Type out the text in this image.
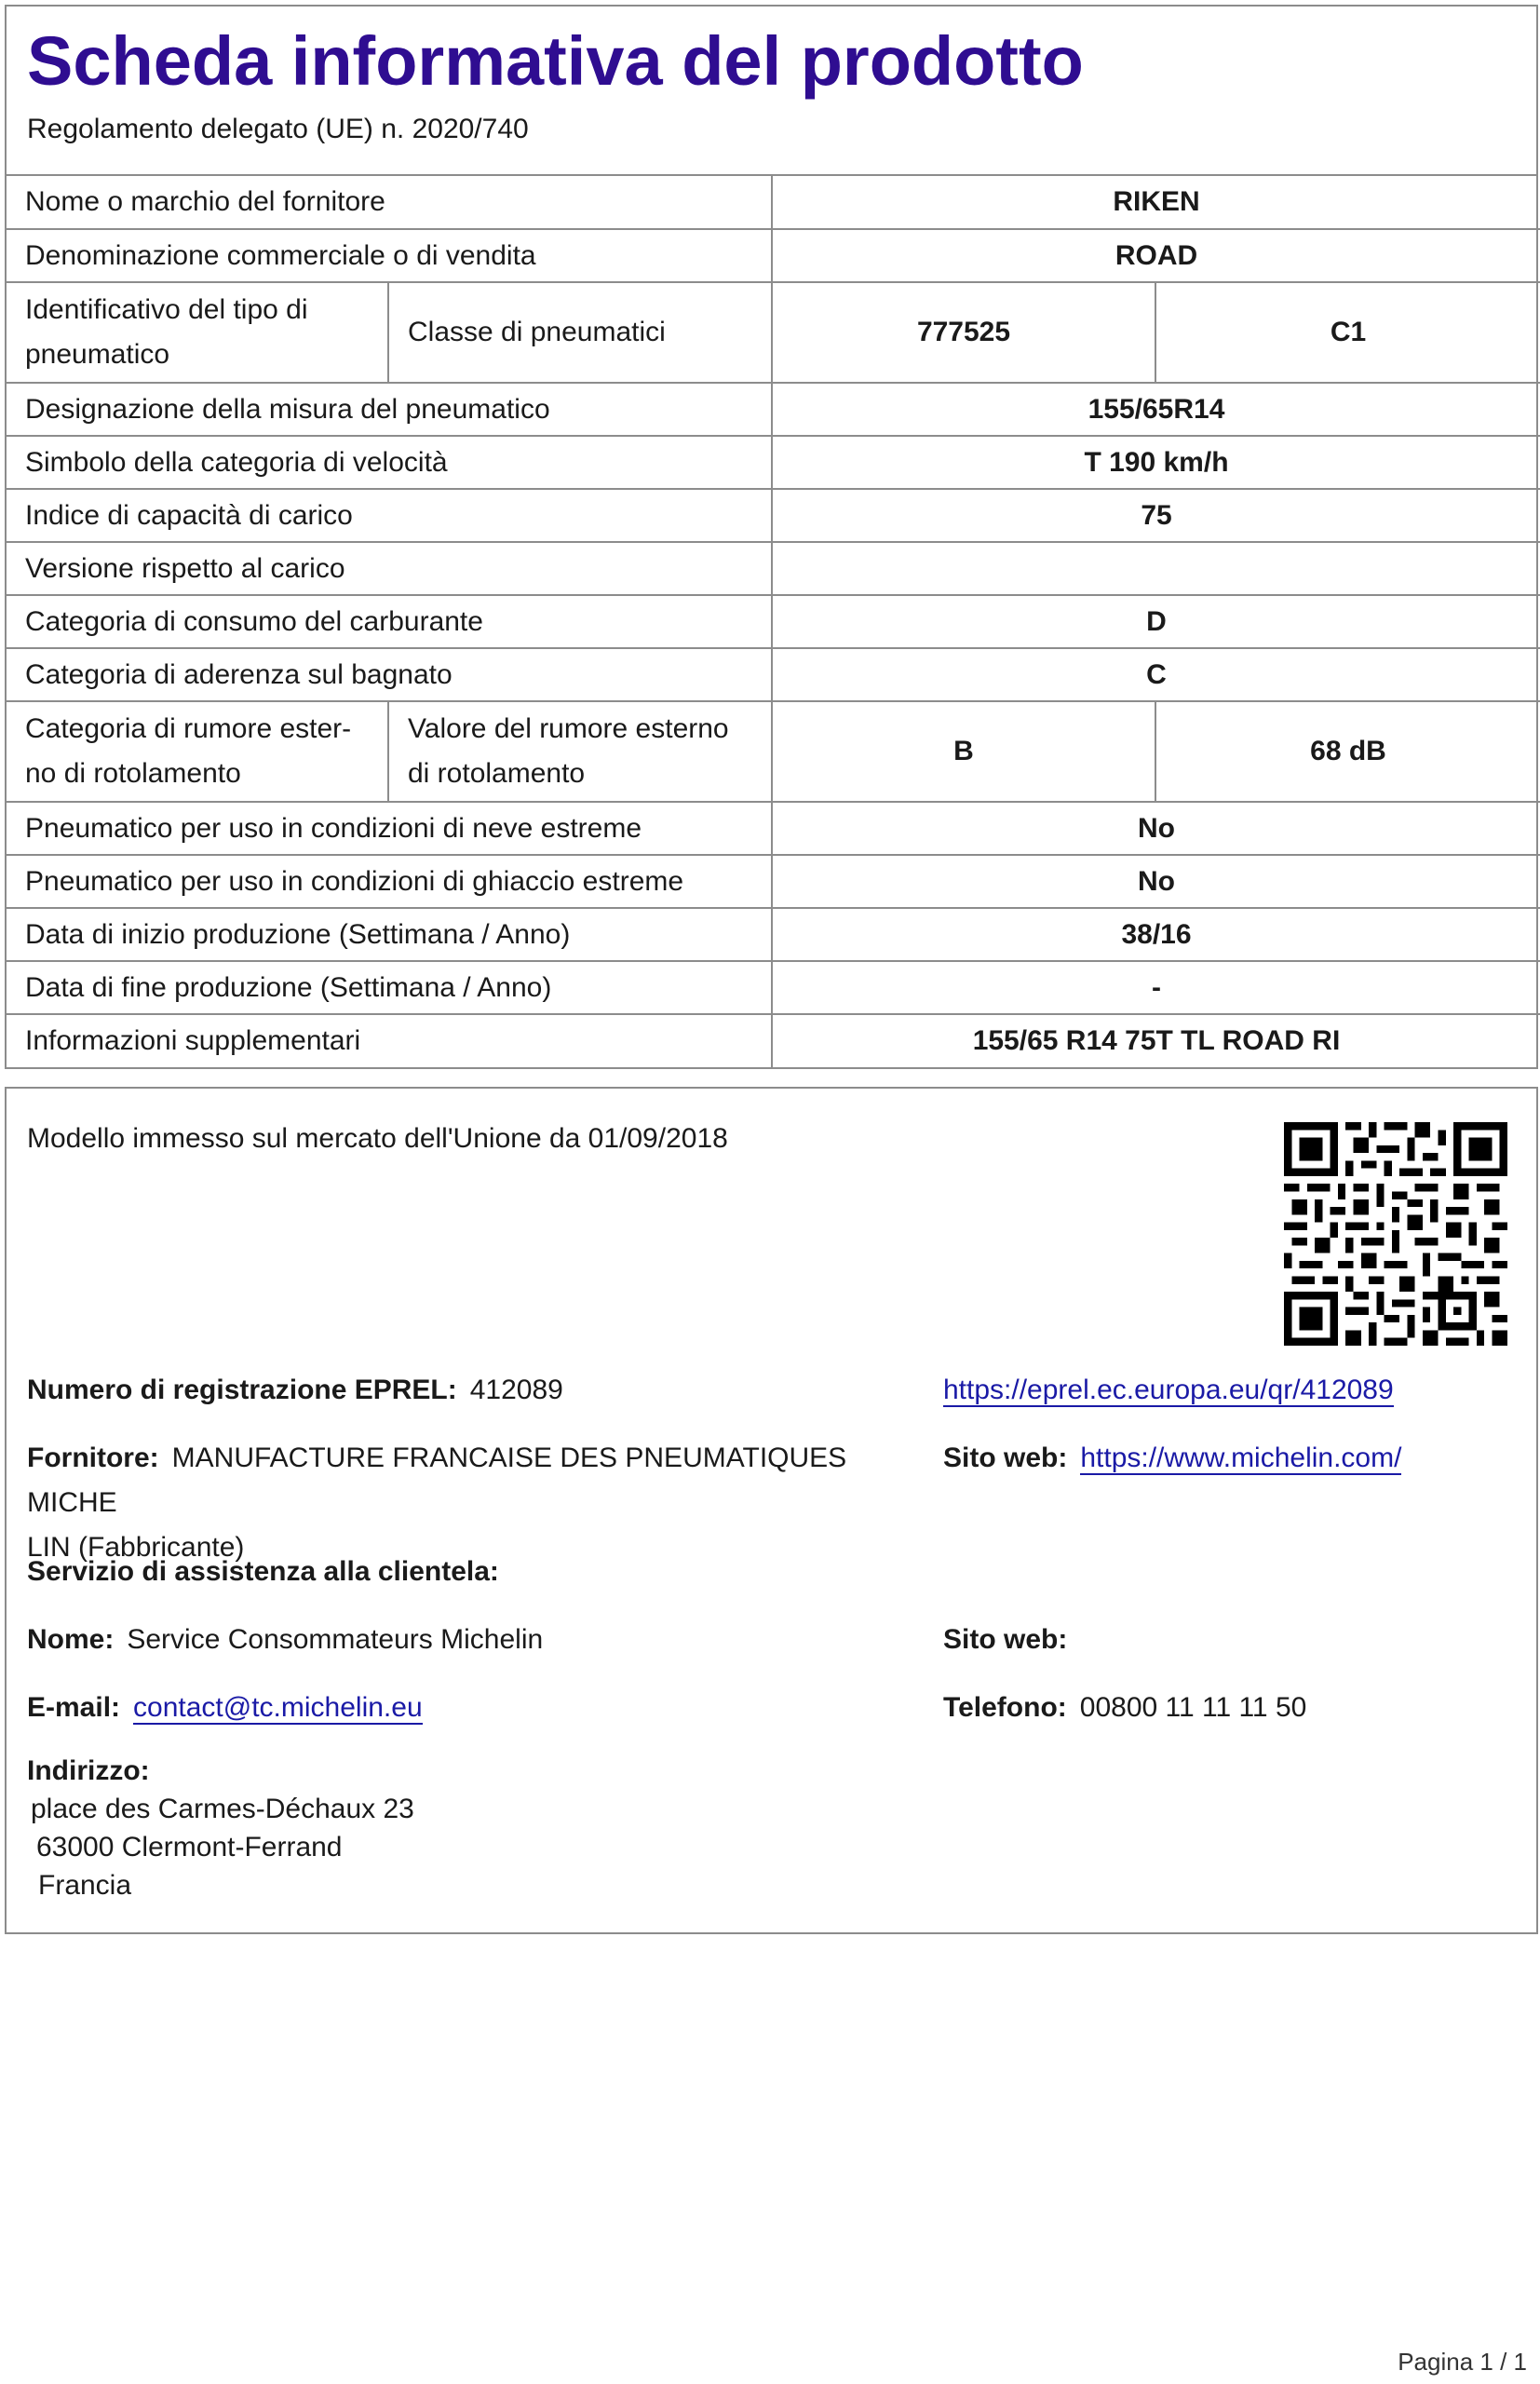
Scheda informativa del prodotto
Regolamento delegato (UE) n. 2020/740
Nome o marchio del fornitore		RIKEN	
Denominazione commerciale o di vendita		ROAD	
Identificativo del tipo di pneumatico	Classe di pneumatici	777525	C1
Designazione della misura del pneumatico		155/65R14	
Simbolo della categoria di velocità		T 190 km/h	
Indice di capacità di carico		75	
Versione rispetto al carico			
Categoria di consumo del carburante		D	
Categoria di aderenza sul bagnato		C	
Categoria di rumore ester-no di rotolamento	Valore del rumore esterno di rotolamento	B	68 dB
Pneumatico per uso in condizioni di neve estreme		No	
Pneumatico per uso in condizioni di ghiaccio estreme		No	
Data di inizio produzione (Settimana / Anno)		38/16	
Data di fine produzione (Settimana / Anno)		-	
Informazioni supplementari		155/65 R14 75T TL ROAD RI	
Modello immesso sul mercato dell'Unione da 01/09/2018
Numero di registrazione EPREL: 412089	https://eprel.ec.europa.eu/qr/412089
Fornitore: MANUFACTURE FRANCAISE DES PNEUMATIQUES MICHE
LIN (Fabbricante)
Sito web: https://www.michelin.com/
Servizio di assistenza alla clientela:
Nome: Service Consommateurs Michelin	Sito web:
E-mail: contact@tc.michelin.eu	Telefono: 00800 11 11 11 50
Indirizzo:
place des Carmes-Déchaux 23
63000 Clermont-Ferrand
Francia
Pagina 1 / 1
